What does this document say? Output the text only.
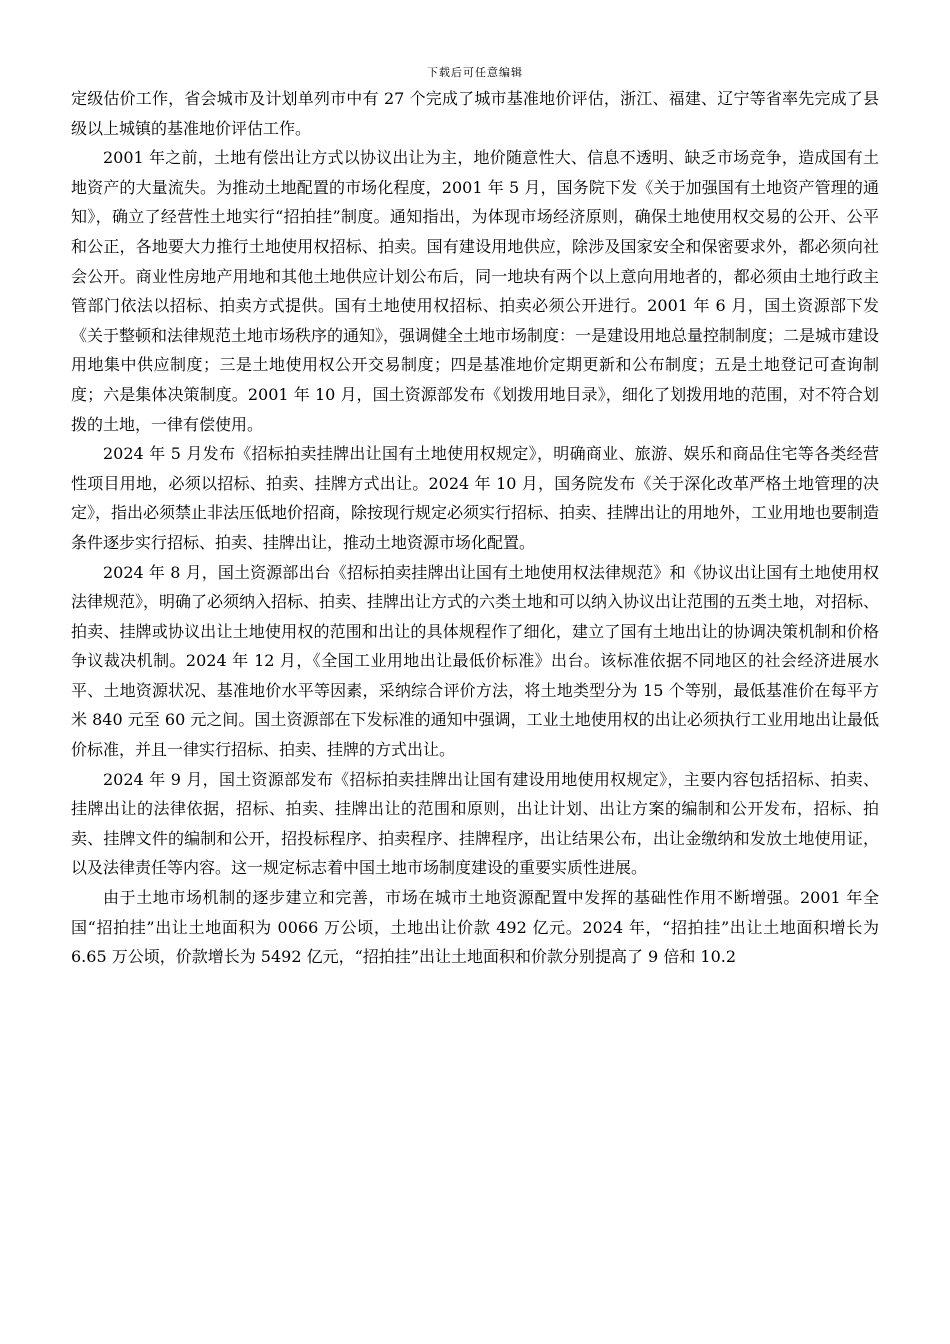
下载后可任意编辑

定级估价工作，省会城市及计划单列市中有 27 个完成了城市基准地价评估，浙江、福建、辽宁等省率先完成了县级以上城镇的基准地价评估工作。

2001 年之前，土地有偿出让方式以协议出让为主，地价随意性大、信息不透明、缺乏市场竞争，造成国有土地资产的大量流失。为推动土地配置的市场化程度，2001 年 5 月，国务院下发《关于加强国有土地资产管理的通知》，确立了经营性土地实行“招拍挂”制度。通知指出，为体现市场经济原则，确保土地使用权交易的公开、公平和公正，各地要大力推行土地使用权招标、拍卖。国有建设用地供应，除涉及国家安全和保密要求外，都必须向社会公开。商业性房地产用地和其他土地供应计划公布后，同一地块有两个以上意向用地者的，都必须由土地行政主管部门依法以招标、拍卖方式提供。国有土地使用权招标、拍卖必须公开进行。2001 年 6 月，国土资源部下发《关于整顿和法律规范土地市场秩序的通知》，强调健全土地市场制度：一是建设用地总量控制制度；二是城市建设用地集中供应制度；三是土地使用权公开交易制度；四是基准地价定期更新和公布制度；五是土地登记可查询制度；六是集体决策制度。2001 年 10 月，国土资源部发布《划拨用地目录》，细化了划拨用地的范围，对不符合划拨的土地，一律有偿使用。

2024 年 5 月发布《招标拍卖挂牌出让国有土地使用权规定》，明确商业、旅游、娱乐和商品住宅等各类经营性项目用地，必须以招标、拍卖、挂牌方式出让。2024 年 10 月，国务院发布《关于深化改革严格土地管理的决定》，指出必须禁止非法压低地价招商，除按现行规定必须实行招标、拍卖、挂牌出让的用地外，工业用地也要制造条件逐步实行招标、拍卖、挂牌出让，推动土地资源市场化配置。

2024 年 8 月，国土资源部出台《招标拍卖挂牌出让国有土地使用权法律规范》和《协议出让国有土地使用权法律规范》，明确了必须纳入招标、拍卖、挂牌出让方式的六类土地和可以纳入协议出让范围的五类土地，对招标、拍卖、挂牌或协议出让土地使用权的范围和出让的具体规程作了细化，建立了国有土地出让的协调决策机制和价格争议裁决机制。2024 年 12 月，《全国工业用地出让最低价标准》出台。该标准依据不同地区的社会经济进展水平、土地资源状况、基准地价水平等因素，采纳综合评价方法，将土地类型分为 15 个等别，最低基准价在每平方米 840 元至 60 元之间。国土资源部在下发标准的通知中强调，工业土地使用权的出让必须执行工业用地出让最低价标准，并且一律实行招标、拍卖、挂牌的方式出让。

2024 年 9 月，国土资源部发布《招标拍卖挂牌出让国有建设用地使用权规定》，主要内容包括招标、拍卖、挂牌出让的法律依据，招标、拍卖、挂牌出让的范围和原则，出让计划、出让方案的编制和公开发布，招标、拍卖、挂牌文件的编制和公开，招投标程序、拍卖程序、挂牌程序，出让结果公布，出让金缴纳和发放土地使用证，以及法律责任等内容。这一规定标志着中国土地市场制度建设的重要实质性进展。

由于土地市场机制的逐步建立和完善，市场在城市土地资源配置中发挥的基础性作用不断增强。2001 年全国“招拍挂”出让土地面积为 0066 万公顷，土地出让价款 492 亿元。2024 年，“招拍挂”出让土地面积增长为 6.65 万公顷，价款增长为 5492 亿元，“招拍挂”出让土地面积和价款分别提高了 9 倍和 10.2
